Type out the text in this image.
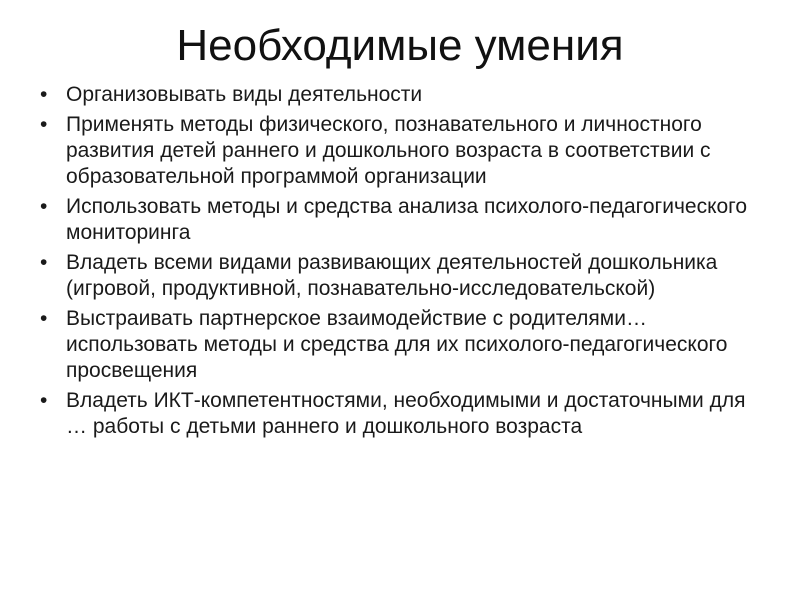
Необходимые умения
• Организовывать виды деятельности
• Применять методы физического, познавательного и личностного развития детей раннего и дошкольного возраста в соответствии с образовательной программой организации
• Использовать методы и средства анализа психолого-педагогического мониторинга
• Владеть всеми видами развивающих деятельностей дошкольника (игровой, продуктивной, познавательно-исследовательской)
• Выстраивать партнерское взаимодействие с родителями…использовать методы и средства для их психолого-педагогического просвещения
• Владеть ИКТ-компетентностями, необходимыми и достаточными для … работы с детьми раннего и дошкольного возраста
